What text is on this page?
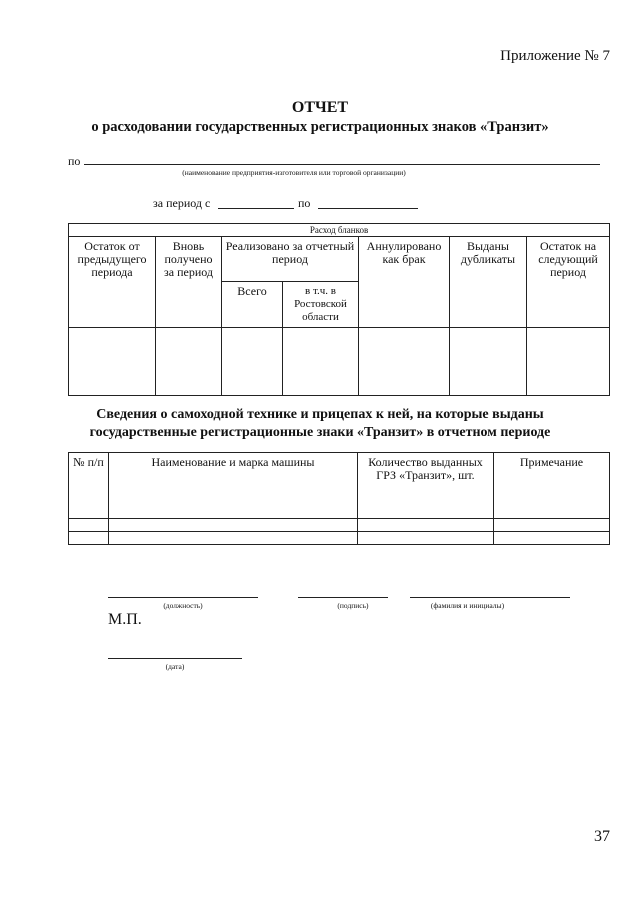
Приложение № 7
ОТЧЕТ
о расходовании государственных регистрационных знаков «Транзит»
по
(наименование предприятия-изготовителя или торговой организации)
за период с	по
Расход бланков						
Остаток от предыдущего периода	Вновь получено за период	Реализовано за отчетный период		Аннулировано как брак	Выданы дубликаты	Остаток на следующий период
		Всего	в т.ч. в Ростовской области			

Сведения о самоходной технике и прицепах к ней, на которые выданы
государственные регистрационные знаки «Транзит» в отчетном периоде
№ п/п	Наименование и марка машины	Количество выданных ГРЗ «Транзит», шт.	Примечание

(должность)	(подпись)	(фамилия и инициалы)
М.П.
(дата)
37
